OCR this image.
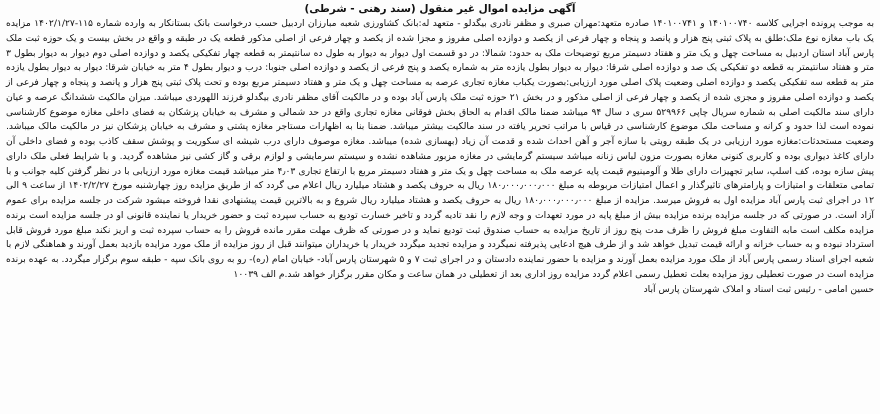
آگهی مزایده اموال غیر منقول (سند رهنی - شرطی)

به موجب پرونده اجرایی کلاسه ۱۴۰۱۰۰۷۴۰ و ۱۴۰۱۰۰۷۴۱ صادره متعهد:مهران صبری و مظفر نادری بیگدلو - متعهد له:بانک کشاورزی شعبه مبارزان اردبیل حسب درخواست بانک بستانکار به وارده شماره ۱۱۵-۱۴۰۲/۱/۲۷ مزایده یک باب مغازه نوع ملک:طلق به پلاک ثبتی پنج هزار و پانصد و پنجاه و چهار فرعی از یکصد و دوازده اصلی مفروز و مجزا شده از یکصد و چهار فرعی از اصلی مذکور قطعه یک در طبقه و واقع در بخش بیست و یک حوزه ثبت ملک پارس آباد استان اردبیل به مساحت چهل و یک متر و هفتاد دسیمتر مربع توضیحات ملک به حدود: شمالا: در دو قسمت اول دیوار به دیوار به طول ده سانتیمتر به قطعه چهار تفکیکی یکصد و دوازده اصلی دوم دیوار به دیوار بطول ۳ متر و هفتاد سانتیمتر به قطعه دو تفکیکی یک صد و دوازده اصلی شرقا: دیوار به دیوار بطول یازده متر به شماره یکصد و پنج فرعی از یکصد و دوازده اصلی جنوبا: درب و دیوار بطول ۴ متر به خیابان شرقا: دیوار به دیوار بطول یازده متر به قطعه سه تفکیکی یکصد و دوازده اصلی وضعیت پلاک اصلی مورد ارزیابی:بصورت یکباب مغازه تجاری عرصه به مساحت چهل و یک متر و هفتاد دسیمتر مربع بوده و تحت پلاک ثبتی پنج هزار و پانصد و پنجاه و چهار فرعی از یکصد و دوازده اصلی مفروز و مجزی شده از یکصد و چهار فرعی از اصلی مذکور و در بخش ۲۱ حوزه ثبت ملک پارس آباد بوده و در مالکیت آقای مظفر نادری بیگدلو فرزند اللهوردی میباشد. میزان مالکیت ششدانگ عرصه و عیان دارای سند مالکیت اصلی به شماره سریال چاپی ۵۲۹۹۶۶ سری د سال ۹۴ میباشد ضمنا مالک اقدام به الحاق بخش فوقانی مغازه تجاری واقع در حد شمالی و مشرف به خیابان پزشکان به فضای داخلی مغازه موضوع کارشناسی نموده است لذا حدود و کرانه و مساحت ملک موضوع کارشناسی در قیاس با مراتب تحریر یافته در سند مالکیت بیشتر میباشد. ضمنا بنا به اظهارات مستاجر مغازه پشتی و مشرف به خیابان پزشکان نیز در مالکیت مالک میباشد. وضعیت مستحدثات:مغازه مورد ارزیابی در یک طبقه رویتی با سازه آجر و آهن احداث شده و قدمت آن زیاد (بهسازی شده) میباشد. مغازه موصوف دارای درب شیشه ای سکوریت و پوشش سقف کاذب بوده و فضای داخلی آن دارای کاغذ دیواری بوده و کاربری کنونی مغازه بصورت مزون لباس زنانه میباشد سیستم گرمایشی در مغازه مزبور مشاهده نشده و سیستم سرمایشی و لوازم برقی و گاز کشی نیز مشاهده گردید. و با شرایط فعلی ملک دارای پیش سازه بوده، کف اسلپ، سایر تجهیزات دارای طلا و آلومینیوم قیمت پایه عرصه ملک به مساحت چهل و یک متر و هفتاد دسیمتر مربع با ارتفاع تجاری ۴٫۰۳ متر میباشد قیمت مغازه مورد ارزیابی با در نظر گرفتن کلیه جوانب و با تمامی متعلقات و امتیازات و پارامترهای تاثیرگذار و اعمال امتیازات مربوطه به مبلغ ۱۸۰٫۰۰۰٫۰۰۰٫۰۰۰ ریال به حروف یکصد و هشتاد میلیارد ریال اعلام می گردد که از طریق مزایده روز چهارشنبه مورخ ۱۴۰۲/۲/۲۷ از ساعت ۹ الی ۱۲ در اجرای ثبت پارس آباد مزایده اول به فروش میرسد. مزایده از مبلغ ۱۸۰٫۰۰۰٫۰۰۰٫۰۰۰ ریال به حروف یکصد و هشتاد میلیارد ریال شروع و به بالاترین قیمت پیشنهادی نقدا فروخته میشود شرکت در جلسه مزایده برای عموم آزاد است. در صورتی که در جلسه مزایده برنده مزایده بیش از مبلغ پایه در مورد تعهدات و وجه لازم را نقد تادیه گردد و تاخیر خسارت تودیع به حساب سپرده ثبت و حضور خریدار یا نماینده قانونی او در جلسه مزایده است برنده مزایده مکلف است مابه التفاوت مبلغ فروش را ظرف مدت پنج روز از تاریخ مزایده به حساب صندوق ثبت تودیع نماید و در صورتی که ظرف مهلت مقرر مانده فروش را به حساب سپرده ثبت و اریز نکند مبلغ مورد فروش قابل استرداد نبوده و به حساب خزانه و ارائه قیمت تبدیل خواهد شد و از طرف هیچ ادعایی پذیرفته نمیگردد و مزایده تجدید میگردد خریدار یا خریداران میتوانند قبل از روز مزایده از ملک مورد مزایده بازدید بعمل آورند و هماهنگی لازم با شعبه اجرای اسناد رسمی پارس آباد از ملک مورد مزایده بعمل آورند و مزایده با حضور نماینده دادستان و در اجرای ثبت ۷ و ۵ شهرستان پارس آباد- خیابان امام (ره)- رو به روی بانک سپه - طبقه سوم برگزار میگردد. به عهده برنده مزایده است در صورت تعطیلی روز مزایده بعلت تعطیل رسمی اعلام گردد مزایده روز اداری بعد از تعطیلی در همان ساعت و مکان مقرر برگزار خواهد شد.م الف ۱۰۰۳۹

حسین امامی - رئیس ثبت اسناد و املاک شهرستان پارس آباد
